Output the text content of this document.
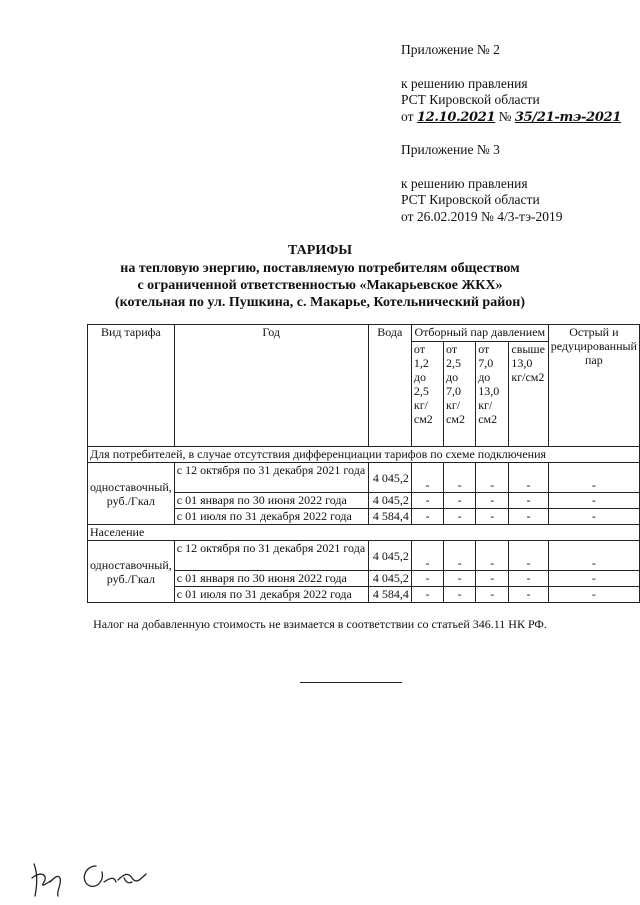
Приложение № 2
к решению правления
РСТ Кировской области
от 12.10.2021 № 35/21-тэ-2021
Приложение № 3
к решению правления
РСТ Кировской области
от 26.02.2019 № 4/3-тэ-2019
ТАРИФЫ
на тепловую энергию, поставляемую потребителям обществом
с ограниченной ответственностью «Макарьевское ЖКХ»
(котельная по ул. Пушкина, с. Макарье, Котельнический район)
Вид тарифа	Год	Вода	Отборный пар давлением				Острый и редуцированный пар
			от 1,2 до 2,5 кг/см2	от 2,5 до 7,0 кг/см2	от 7,0 до 13,0 кг/см2	свыше 13,0 кг/см2	
Для потребителей, в случае отсутствия дифференциации тарифов по схеме подключения							
одноставочный, руб./Гкал	с 12 октября по 31 декабря 2021 года	4 045,2	-	-	-	-	-
	с 01 января по 30 июня 2022 года	4 045,2	-	-	-	-	-
	с 01 июля по 31 декабря 2022 года	4 584,4	-	-	-	-	-
Население							
одноставочный, руб./Гкал	с 12 октября по 31 декабря 2021 года	4 045,2	-	-	-	-	-
	с 01 января по 30 июня 2022 года	4 045,2	-	-	-	-	-
	с 01 июля по 31 декабря 2022 года	4 584,4	-	-	-	-	-
Налог на добавленную стоимость не взимается в соответствии со статьей 346.11 НК РФ.
